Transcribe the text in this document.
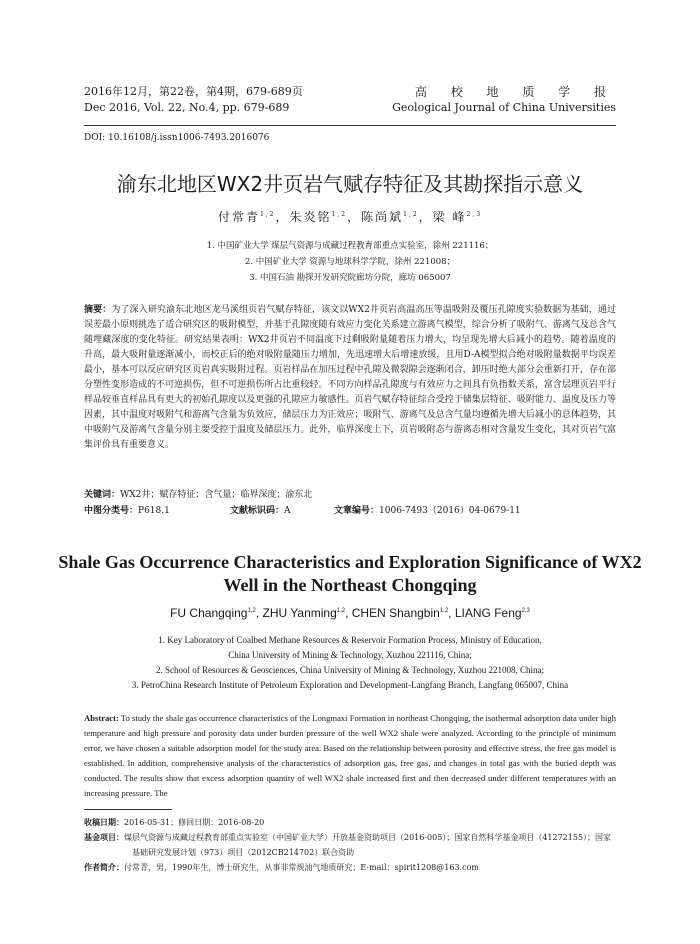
2016年12月，第22卷，第4期，679-689页
Dec 2016, Vol. 22, No.4, pp. 679-689
高 校 地 质 学 报
Geological Journal of China Universities
DOI: 10.16108/j.issn1006-7493.2016076
渝东北地区WX2井页岩气赋存特征及其勘探指示意义
付常青$^{1,2}$，朱炎铭$^{1,2}$，陈尚斌$^{1,2}$，梁 峰$^{2,3}$
1. 中国矿业大学 煤层气资源与成藏过程教育部重点实验室，徐州 221116；
2. 中国矿业大学 资源与地球科学学院，徐州 221008；
3. 中国石油 勘探开发研究院廊坊分院，廊坊 065007
摘要：为了深入研究渝东北地区龙马溪组页岩气赋存特征，该文以WX2井页岩高温高压等温吸附及覆压孔隙度实验数据为基础，通过误差最小原则挑选了适合研究区的吸附模型，并基于孔隙度随有效应力变化关系建立游离气模型，综合分析了吸附气、游离气及总含气随埋藏深度的变化特征。研究结果表明：WX2井页岩不同温度下过剩吸附量随着压力增大，均呈现先增大后减小的趋势。随着温度的升高，最大吸附量逐渐减小，而校正后的绝对吸附量随压力增加，先迅速增大后增速放缓，且用D-A模型拟合绝对吸附量数据平均误差最小，基本可以反应研究区页岩真实吸附过程。页岩样品在加压过程中孔隙及微裂隙会逐渐闭合，卸压时绝大部分会重新打开，存在部分塑性变形造成的不可逆损伤，但不可逆损伤所占比重较轻。不同方向样品孔隙度与有效应力之间具有负指数关系，富含层理页岩平行样品较垂直样品具有更大的初始孔隙度以及更强的孔隙应力敏感性。页岩气赋存特征综合受控于储集层特征、吸附能力、温度及压力等因素，其中温度对吸附气和游离气含量为负效应，储层压力为正效应；吸附气、游离气及总含气量均遵循先增大后减小的总体趋势，其中吸附气及游离气含量分别主要受控于温度及储层压力。此外，临界深度上下，页岩吸附态与游离态相对含量发生变化，其对页岩气富集评价具有重要意义。
关键词：WX2井；赋存特征；含气量；临界深度；渝东北
中图分类号：P618.1	文献标识码：A	文章编号：1006-7493（2016）04-0679-11
Shale Gas Occurrence Characteristics and Exploration Significance of WX2 Well in the Northeast Chongqing
FU Changqing$^{1,2}$, ZHU Yanming$^{1,2}$, CHEN Shangbin$^{1,2}$, LIANG Feng$^{2,3}$
1. Key Laboratory of Coalbed Methane Resources & Reservoir Formation Process, Ministry of Education,
China University of Mining & Technology, Xuzhou 221116, China;
2. School of Resources & Geosciences, China University of Mining & Technology, Xuzhou 221008, China;
3. PetroChina Research Institute of Petroleum Exploration and Development-Langfang Branch, Langfang 065007, China
Abstract: To study the shale gas occurrence characteristics of the Longmaxi Formation in northeast Chongqing, the isothermal adsorption data under high temperature and high pressure and porosity data under burden pressure of the well WX2 shale were analyzed. According to the principle of minimum error, we have chosen a suitable adsorption model for the study area. Based on the relationship between porosity and effective stress, the free gas model is established. In addition, comprehensive analysis of the characteristics of adsorption gas, free gas, and changes in total gas with the buried depth was conducted. The results show that excess adsorption quantity of well WX2 shale increased first and then decreased under different temperatures with an increasing pressure. The

收稿日期：2016-05-31；修回日期：2016-08-20

基金项目：煤层气资源与成藏过程教育部重点实验室（中国矿业大学）开放基金资助项目（2016-005）；国家自然科学基金项目（41272155）；国家

基础研究发展计划（973）项目（2012CB214702）联合资助

作者简介：付常青，男，1990年生，博士研究生，从事非常规油气地质研究；E-mail：spirit1208@163.com
